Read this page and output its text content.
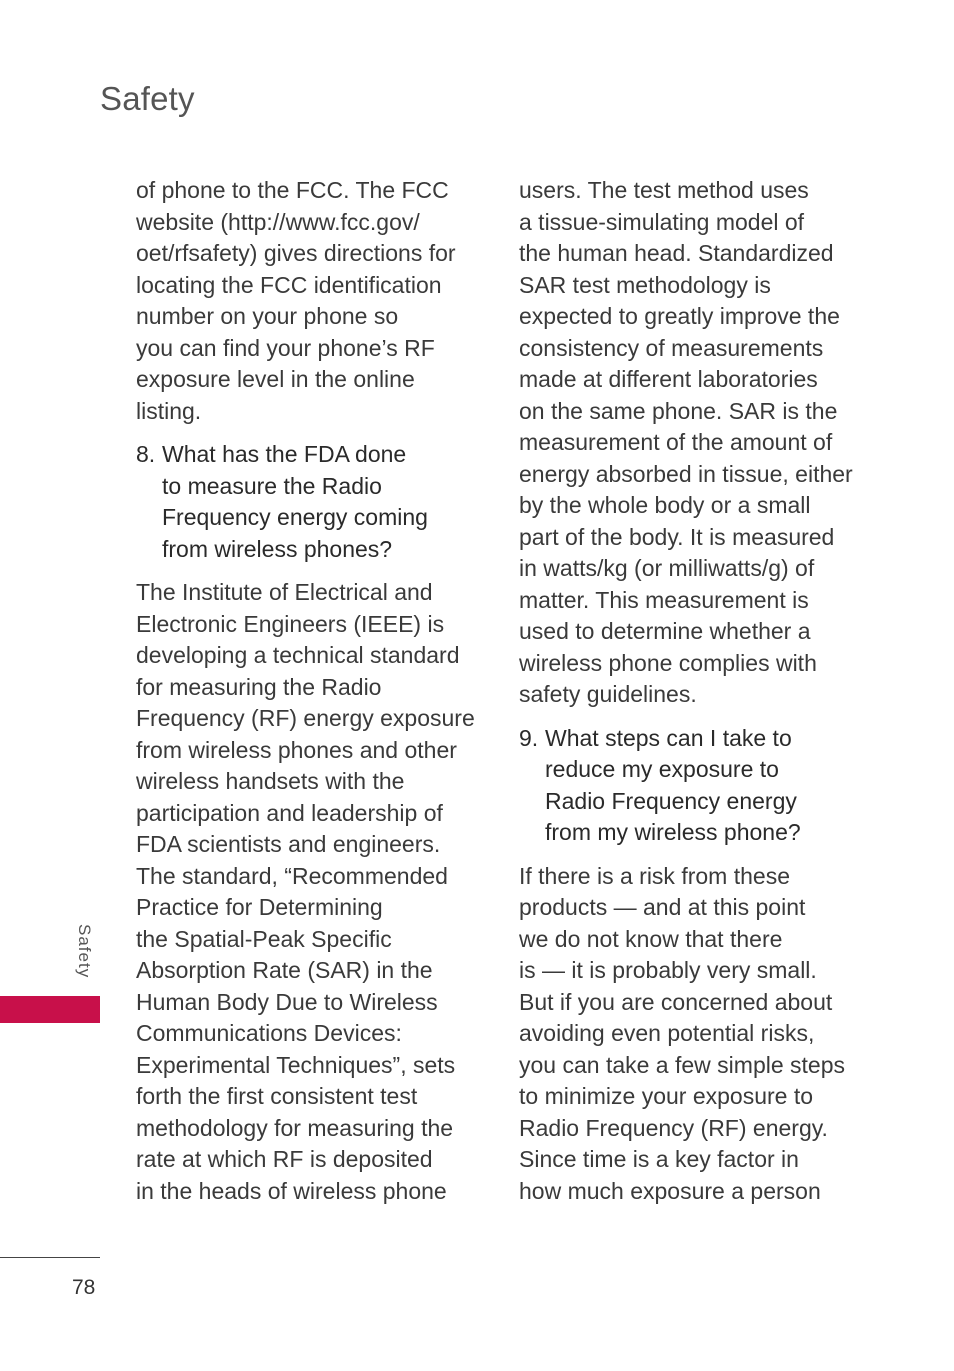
Safety
of phone to the FCC. The FCC
website (http://www.fcc.gov/
oet/rfsafety) gives directions for
locating the FCC identification
number on your phone so
you can find your phone’s RF
exposure level in the online
listing.
8. What has the FDA done
to measure the Radio
Frequency energy coming
from wireless phones?
The Institute of Electrical and
Electronic Engineers (IEEE) is
developing a technical standard
for measuring the Radio
Frequency (RF) energy exposure
from wireless phones and other
wireless handsets with the
participation and leadership of
FDA scientists and engineers.
The standard, “Recommended
Practice for Determining
the Spatial-Peak Specific
Absorption Rate (SAR) in the
Human Body Due to Wireless
Communications Devices:
Experimental Techniques”, sets
forth the first consistent test
methodology for measuring the
rate at which RF is deposited
in the heads of wireless phone
users. The test method uses
a tissue-simulating model of
the human head. Standardized
SAR test methodology is
expected to greatly improve the
consistency of measurements
made at different laboratories
on the same phone. SAR is the
measurement of the amount of
energy absorbed in tissue, either
by the whole body or a small
part of the body. It is measured
in watts/kg (or milliwatts/g) of
matter. This measurement is
used to determine whether a
wireless phone complies with
safety guidelines.
9. What steps can I take to
reduce my exposure to
Radio Frequency energy
from my wireless phone?
If there is a risk from these
products — and at this point
we do not know that there
is — it is probably very small.
But if you are concerned about
avoiding even potential risks,
you can take a few simple steps
to minimize your exposure to
Radio Frequency (RF) energy.
Since time is a key factor in
how much exposure a person
Safety
78
